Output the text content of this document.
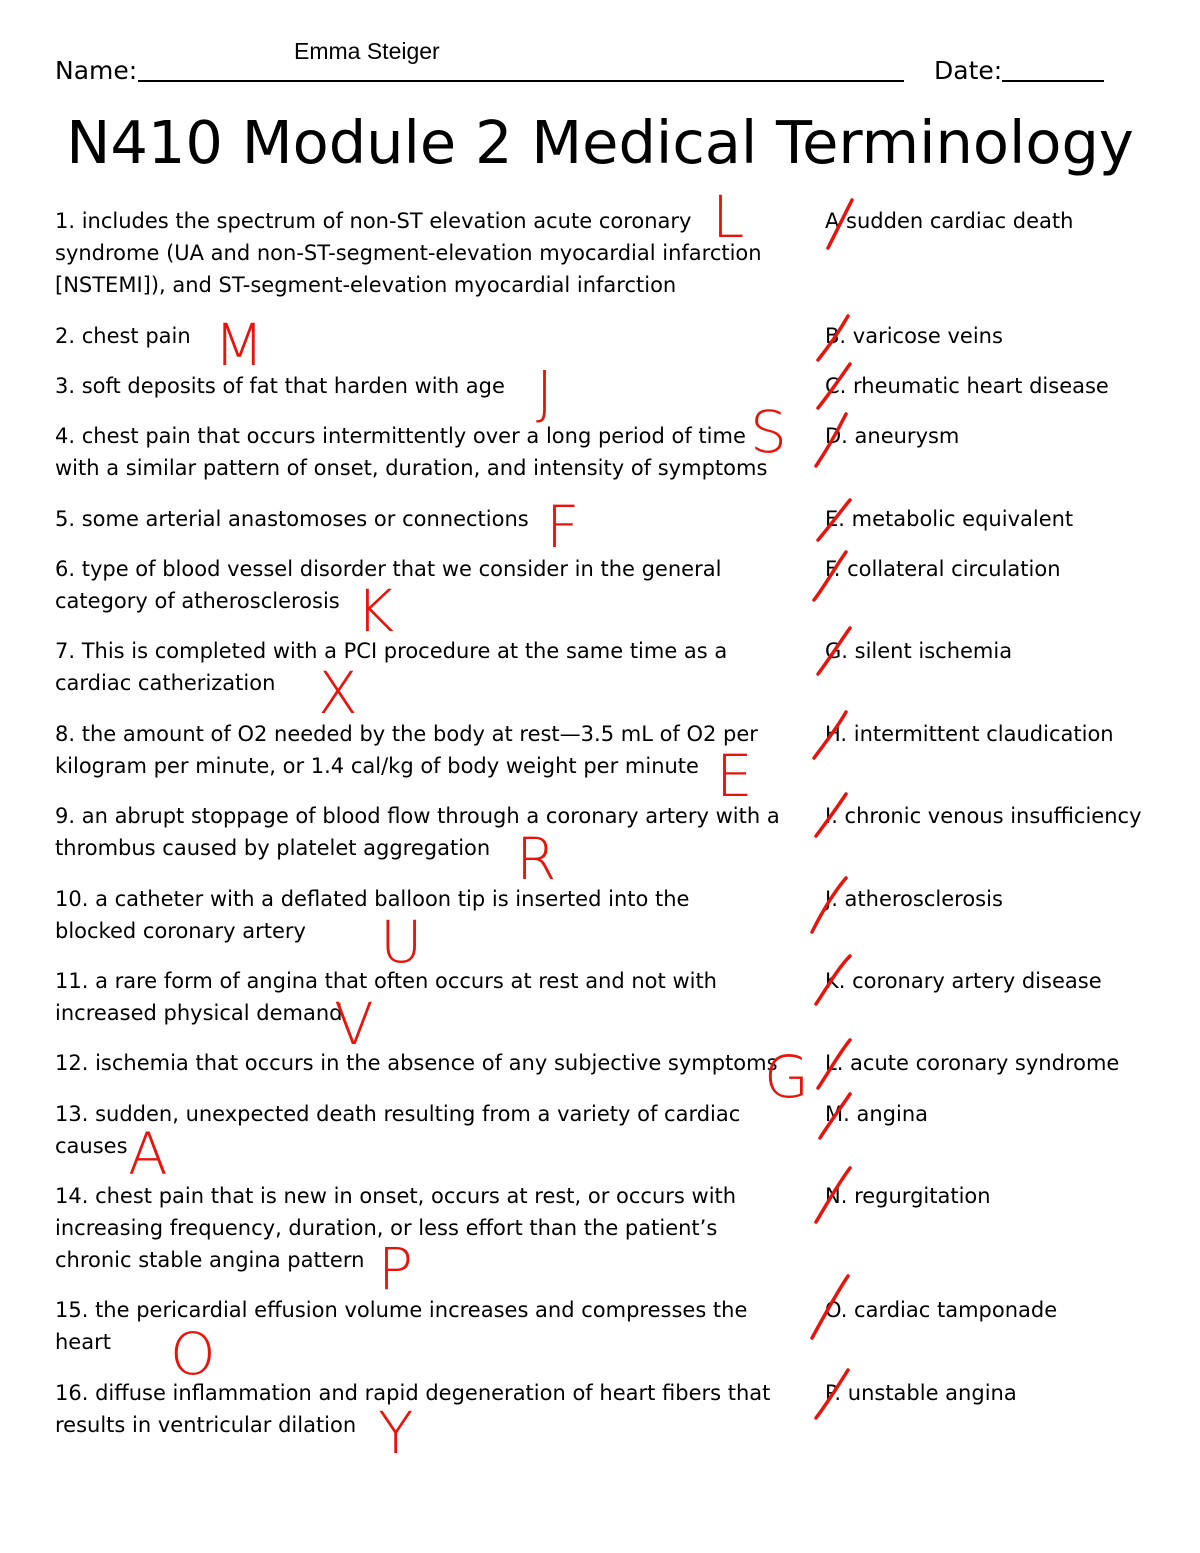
Name:
Emma Steiger
Date:
N410 Module 2 Medical Terminology
1. includes the spectrum of non-ST elevation acute coronary syndrome (UA and non-ST-segment-elevation myocardial infarction [NSTEMI]), and ST-segment-elevation myocardial infarction
2. chest pain
3. soft deposits of fat that harden with age
4. chest pain that occurs intermittently over a long period of time with a similar pattern of onset, duration, and intensity of symptoms
5. some arterial anastomoses or connections
6. type of blood vessel disorder that we consider in the general category of atherosclerosis
7. This is completed with a PCI procedure at the same time as a cardiac catherization
8. the amount of O2 needed by the body at rest—3.5 mL of O2 per kilogram per minute, or 1.4 cal/kg of body weight per minute
9. an abrupt stoppage of blood flow through a coronary artery with a thrombus caused by platelet aggregation
10. a catheter with a deflated balloon tip is inserted into the blocked coronary artery
11. a rare form of angina that often occurs at rest and not with increased physical demand
12. ischemia that occurs in the absence of any subjective symptoms
13. sudden, unexpected death resulting from a variety of cardiac causes
14. chest pain that is new in onset, occurs at rest, or occurs with increasing frequency, duration, or less effort than the patient’s chronic stable angina pattern
15. the pericardial effusion volume increases and compresses the heart
16. diffuse inflammation and rapid degeneration of heart fibers that results in ventricular dilation
A sudden cardiac death
B. varicose veins
C. rheumatic heart disease
D. aneurysm
E. metabolic equivalent
F. collateral circulation
G. silent ischemia
H. intermittent claudication
I. chronic venous insufficiency
J. atherosclerosis
K. coronary artery disease
L. acute coronary syndrome
M. angina
N. regurgitation
O. cardiac tamponade
P. unstable angina
L
M
J
S
F
K
X
E
R
U
V
G
A
P
O
Y
